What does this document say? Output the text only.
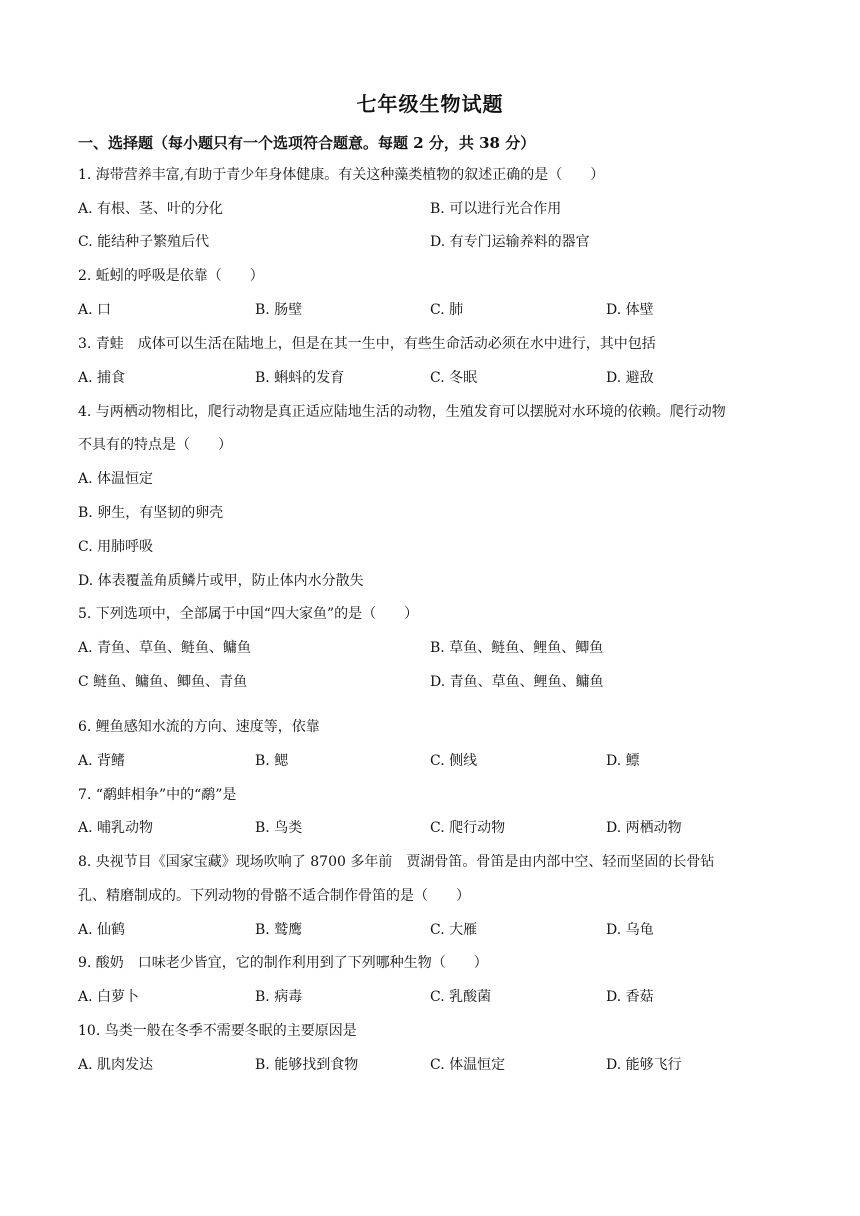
七年级生物试题
一、选择题（每小题只有一个选项符合题意。每题 2 分，共 38 分）
1. 海带营养丰富,有助于青少年身体健康。有关这种藻类植物的叙述正确的是（　　）
A. 有根、茎、叶的分化	B. 可以进行光合作用
C. 能结种子繁殖后代	D. 有专门运输养料的器官
2. 蚯蚓的呼吸是依靠（　　）
A. 口	B. 肠壁	C. 肺	D. 体壁
3. 青蛙　成体可以生活在陆地上，但是在其一生中，有些生命活动必须在水中进行，其中包括
A. 捕食	B. 蝌蚪的发育	C. 冬眠	D. 避敌
4. 与两栖动物相比，爬行动物是真正适应陆地生活的动物，生殖发育可以摆脱对水环境的依赖。爬行动物
不具有的特点是（　　）
A. 体温恒定
B. 卵生，有坚韧的卵壳
C. 用肺呼吸
D. 体表覆盖角质鳞片或甲，防止体内水分散失
5. 下列选项中，全部属于中国“四大家鱼”的是（　　）
A. 青鱼、草鱼、鲢鱼、鳙鱼	B. 草鱼、鲢鱼、鲤鱼、鲫鱼
C 鲢鱼、鳙鱼、鲫鱼、青鱼	D. 青鱼、草鱼、鲤鱼、鳙鱼
6. 鲤鱼感知水流的方向、速度等，依靠
A. 背鳍	B. 鳃	C. 侧线	D. 鳔
7. “鹬蚌相争”中的“鹬”是
A. 哺乳动物	B. 鸟类	C. 爬行动物	D. 两栖动物
8. 央视节目《国家宝藏》现场吹响了 8700 多年前　贾湖骨笛。骨笛是由内部中空、轻而坚固的长骨钻
孔、精磨制成的。下列动物的骨骼不适合制作骨笛的是（　　）
A. 仙鹤	B. 鹫鹰	C. 大雁	D. 乌龟
9. 酸奶　口味老少皆宜，它的制作利用到了下列哪种生物（　　）
A. 白萝卜	B. 病毒	C. 乳酸菌	D. 香菇
10. 鸟类一般在冬季不需要冬眠的主要原因是
A. 肌肉发达	B. 能够找到食物	C. 体温恒定	D. 能够飞行
